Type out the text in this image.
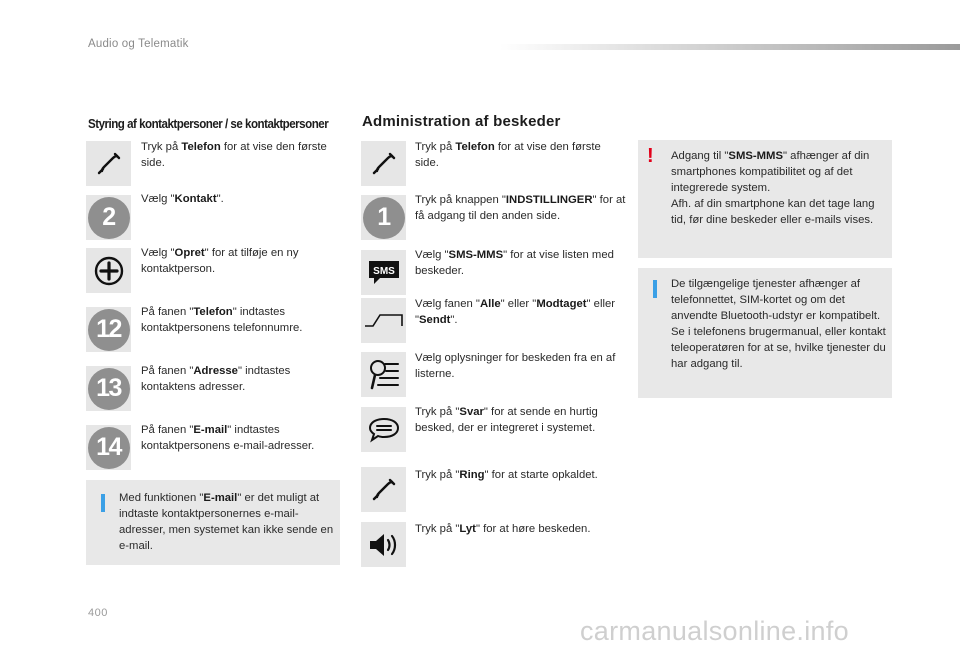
Audio og Telematik
Styring af kontaktpersoner / se kontaktpersoner
Tryk på Telefon for at vise den første side.
2
Vælg "Kontakt".
Vælg "Opret" for at tilføje en ny kontaktperson.
12
På fanen "Telefon" indtastes kontaktpersonens telefonnumre.
13
På fanen "Adresse" indtastes kontaktens adresser.
14
På fanen "E-mail" indtastes kontaktpersonens e-mail-adresser.
Med funktionen "E-mail" er det muligt at indtaste kontaktpersonernes e-mail-adresser, men systemet kan ikke sende en e-mail.
Administration af beskeder
Tryk på Telefon for at vise den første side.
1
Tryk på knappen "INDSTILLINGER" for at få adgang til den anden side.
SMS
Vælg "SMS-MMS" for at vise listen med beskeder.
Vælg fanen "Alle" eller "Modtaget" eller "Sendt".
Vælg oplysninger for beskeden fra en af listerne.
Tryk på "Svar" for at sende en hurtig besked, der er integreret i systemet.
Tryk på "Ring" for at starte opkaldet.
Tryk på "Lyt" for at høre beskeden.
! Adgang til "SMS-MMS" afhænger af din smartphones kompatibilitet og af det integrerede system.
Afh. af din smartphone kan det tage lang tid, før dine beskeder eller e-mails vises.
De tilgængelige tjenester afhænger af telefonnettet, SIM-kortet og om det anvendte Bluetooth-udstyr er kompatibelt.
Se i telefonens brugermanual, eller kontakt teleoperatøren for at se, hvilke tjenester du har adgang til.
400
carmanualsonline.info
